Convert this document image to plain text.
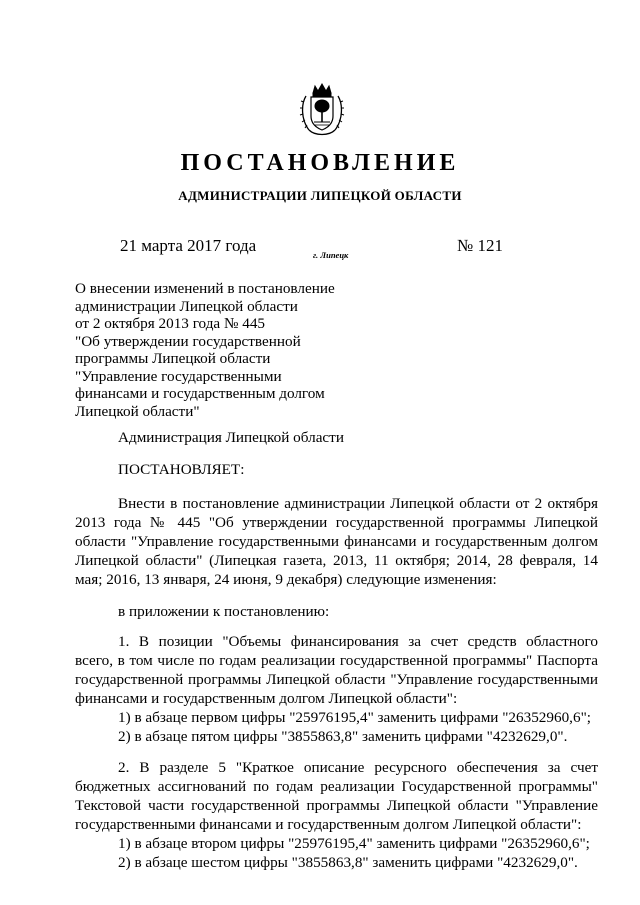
ПОСТАНОВЛЕНИЕ
АДМИНИСТРАЦИИ ЛИПЕЦКОЙ ОБЛАСТИ
21 марта 2017 года	г. Липецк	№ 121
О внесении изменений в постановление
администрации Липецкой области
от 2 октября 2013 года № 445
"Об утверждении государственной
программы Липецкой области
"Управление государственными
финансами и государственным долгом
Липецкой области"
Администрация Липецкой области
ПОСТАНОВЛЯЕТ:
Внести в постановление администрации Липецкой области от 2 октября
2013 года № 445 "Об утверждении государственной программы Липецкой
области "Управление государственными финансами и государственным долгом
Липецкой области" (Липецкая газета, 2013, 11 октября; 2014, 28 февраля, 14
мая; 2016, 13 января, 24 июня, 9 декабря) следующие изменения:
в приложении к постановлению:
1. В позиции "Объемы финансирования за счет средств областного
всего, в том числе по годам реализации государственной программы" Паспорта
государственной программы Липецкой области "Управление государственными
финансами и государственным долгом Липецкой области":
1) в абзаце первом цифры "25976195,4" заменить цифрами "26352960,6";
2) в абзаце пятом цифры "3855863,8" заменить цифрами "4232629,0".
2. В разделе 5 "Краткое описание ресурсного обеспечения за счет
бюджетных ассигнований по годам реализации Государственной программы"
Текстовой части государственной программы Липецкой области "Управление
государственными финансами и государственным долгом Липецкой области":
1) в абзаце втором цифры "25976195,4" заменить цифрами "26352960,6";
2) в абзаце шестом цифры "3855863,8" заменить цифрами "4232629,0".
